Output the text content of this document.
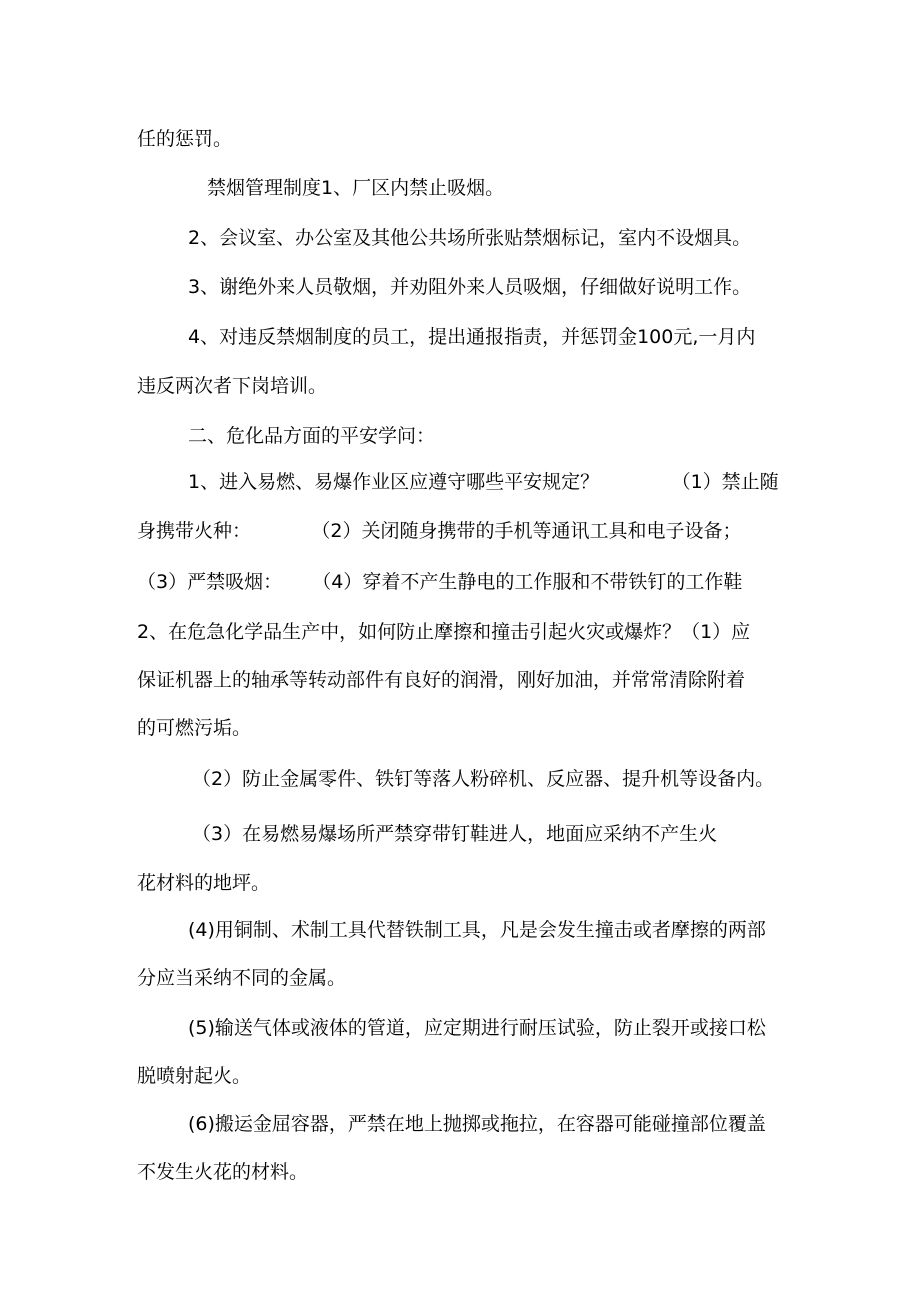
任的惩罚。
禁烟管理制度1、厂区内禁止吸烟。
2、会议室、办公室及其他公共场所张贴禁烟标记，室内不设烟具。
3、谢绝外来人员敬烟，并劝阻外来人员吸烟，仔细做好说明工作。
4、对违反禁烟制度的员工，提出通报指责，并惩罚金100元,一月内
违反两次者下岗培训。
二、危化品方面的平安学问：
1、进入易燃、易爆作业区应遵守哪些平安规定？            （1）禁止随
身携带火种：          （2）关闭随身携带的手机等通讯工具和电子设备；
（3）严禁吸烟：     （4）穿着不产生静电的工作服和不带铁钉的工作鞋
2、在危急化学品生产中，如何防止摩擦和撞击引起火灾或爆炸？（1）应
保证机器上的轴承等转动部件有良好的润滑，刚好加油，并常常清除附着
的可燃污垢。
（2）防止金属零件、铁钉等落人粉碎机、反应器、提升机等设备内。
（3）在易燃易爆场所严禁穿带钉鞋进人，地面应采纳不产生火
花材料的地坪。
(4)用铜制、术制工具代替铁制工具，凡是会发生撞击或者摩擦的两部
分应当采纳不同的金属。
(5)输送气体或液体的管道，应定期进行耐压试验，防止裂开或接口松
脱喷射起火。
(6)搬运金屈容器，严禁在地上抛掷或拖拉，在容器可能碰撞部位覆盖
不发生火花的材料。
